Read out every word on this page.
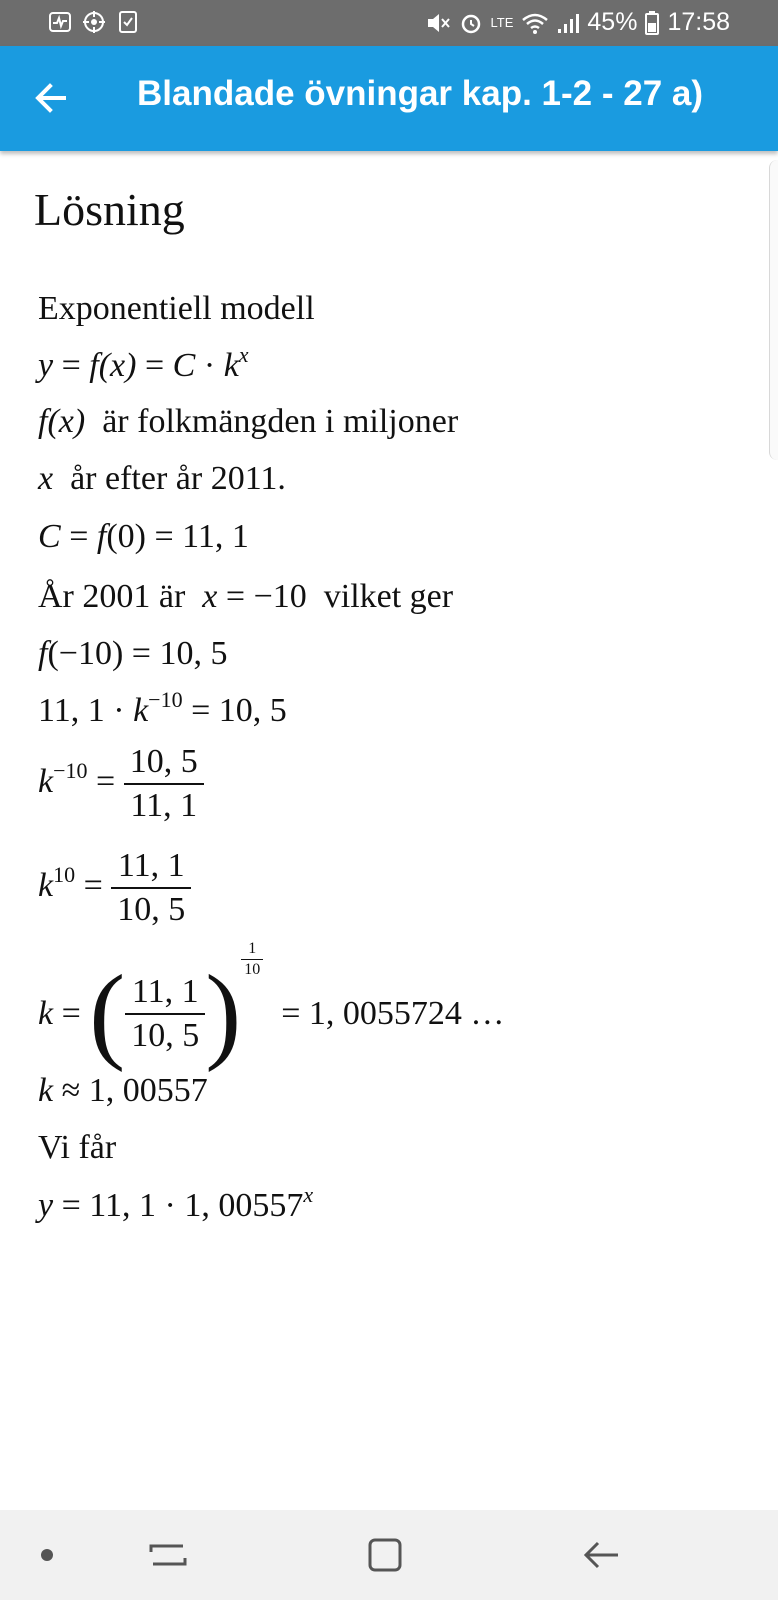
LTE	45% 17:58
Blandade övningar kap. 1-2 - 27 a)
Lösning
Exponentiell modell
$y = f(x) = C \cdot k^x$
f(x)  är folkmängden i miljoner
x  år efter år 2011.
C = f(0) = 11, 1
År 2001 är  x = −10  vilket ger
f(−10) = 10, 5
11, $1 \cdot k^{-10} = 10$, 5
$k^{-10} = \frac{10, 5}{11, 1}$
$k^{10} = \frac{11, 1}{10, 5}$
k = ( $\frac{11, 1}{10, 5}$ ) $\frac{1}{10}$
= 1, 0055724 …
k ≈ 1, 00557
Vi får
y = 11, 1 · 1, 00557$^x$
